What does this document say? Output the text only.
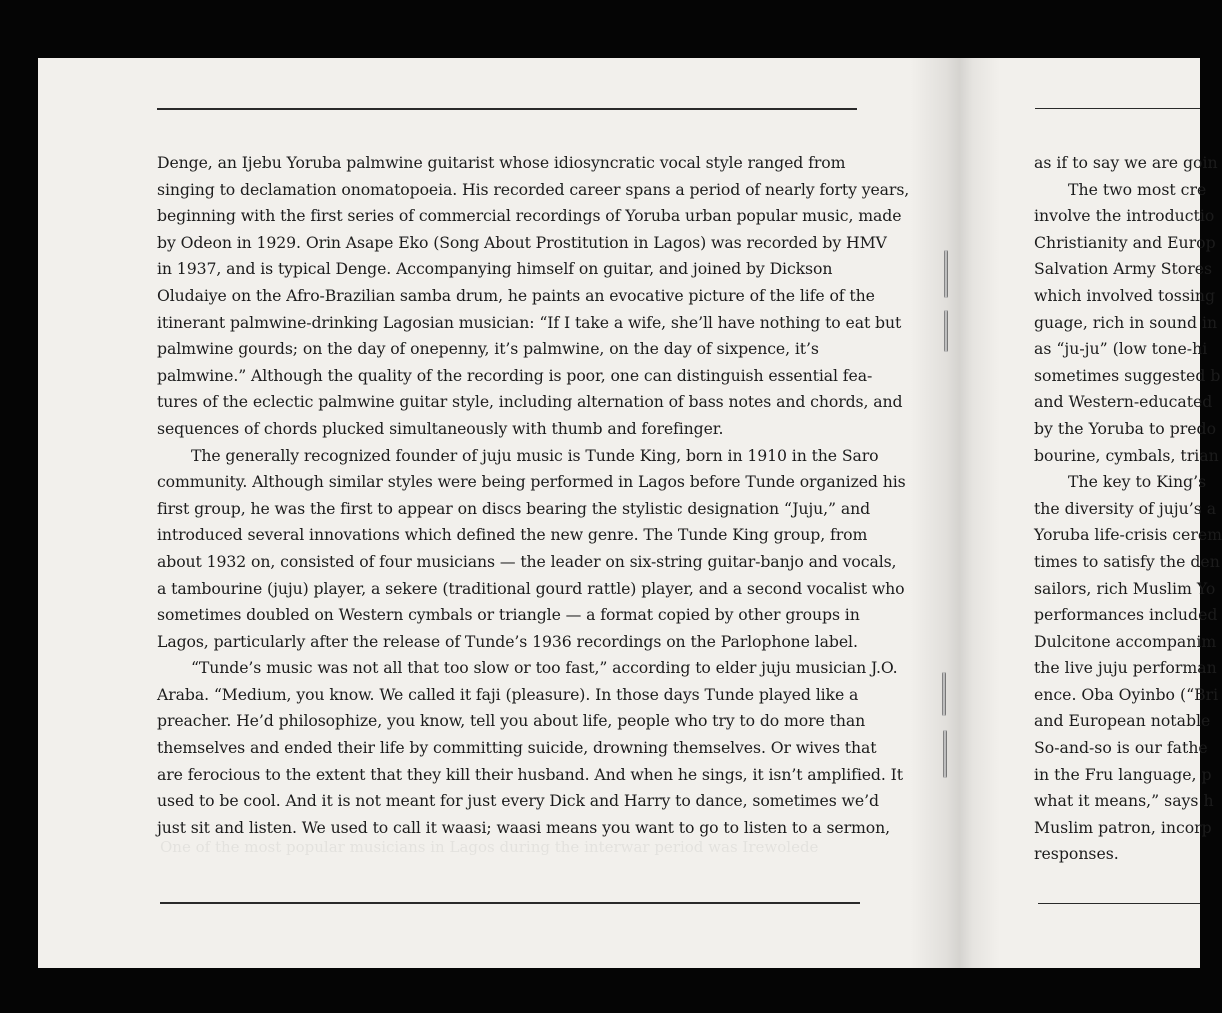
One of the most popular musicians in Lagos during the interwar period was Irewolede
Denge, an Ijebu Yoruba palmwine guitarist whose idiosyncratic vocal style ranged from
singing to declamation onomatopoeia. His recorded career spans a period of nearly forty years,
beginning with the first series of commercial recordings of Yoruba urban popular music, made
by Odeon in 1929. Orin Asape Eko (Song About Prostitution in Lagos) was recorded by HMV
in 1937, and is typical Denge. Accompanying himself on guitar, and joined by Dickson
Oludaiye on the Afro-Brazilian samba drum, he paints an evocative picture of the life of the
itinerant palmwine-drinking Lagosian musician: “If I take a wife, she’ll have nothing to eat but
palmwine gourds; on the day of onepenny, it’s palmwine, on the day of sixpence, it’s
palmwine.” Although the quality of the recording is poor, one can distinguish essential fea-
tures of the eclectic palmwine guitar style, including alternation of bass notes and chords, and
sequences of chords plucked simultaneously with thumb and forefinger.
The generally recognized founder of juju music is Tunde King, born in 1910 in the Saro
community. Although similar styles were being performed in Lagos before Tunde organized his
first group, he was the first to appear on discs bearing the stylistic designation “Juju,” and
introduced several innovations which defined the new genre. The Tunde King group, from
about 1932 on, consisted of four musicians — the leader on six-string guitar-banjo and vocals,
a tambourine (juju) player, a sekere (traditional gourd rattle) player, and a second vocalist who
sometimes doubled on Western cymbals or triangle — a format copied by other groups in
Lagos, particularly after the release of Tunde’s 1936 recordings on the Parlophone label.
“Tunde’s music was not all that too slow or too fast,” according to elder juju musician J.O.
Araba. “Medium, you know. We called it faji (pleasure). In those days Tunde played like a
preacher. He’d philosophize, you know, tell you about life, people who try to do more than
themselves and ended their life by committing suicide, drowning themselves. Or wives that
are ferocious to the extent that they kill their husband. And when he sings, it isn’t amplified. It
used to be cool. And it is not meant for just every Dick and Harry to dance, sometimes we’d
just sit and listen. We used to call it waasi; waasi means you want to go to listen to a sermon,
as if to say we are goin
The two most cre
involve the introductio
Christianity and Europ
Salvation Army Stores
which involved tossing
guage, rich in sound in
as “ju-ju” (low tone-hi
sometimes suggested b
and Western-educated
by the Yoruba to predo
bourine, cymbals, trian
The key to King’s
the diversity of juju’s a
Yoruba life-crisis cerem
times to satisfy the den
sailors, rich Muslim Yo
performances included
Dulcitone accompanim
the live juju performan
ence. Oba Oyinbo (“Bri
and European notable
So-and-so is our fathe
in the Fru language, p
what it means,” says h
Muslim patron, incorp
responses.
